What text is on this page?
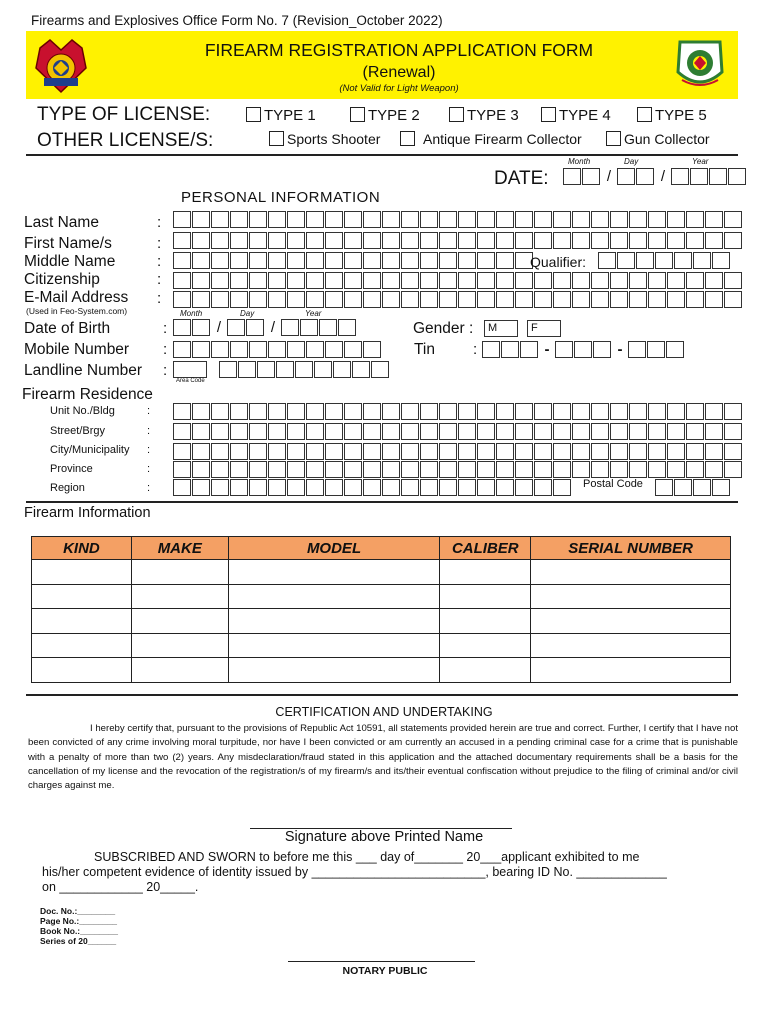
Firearms and Explosives Office Form No. 7 (Revision_October 2022)
FIREARM REGISTRATION APPLICATION FORM
(Renewal)
(Not Valid for Light Weapon)
TYPE OF LICENSE:	TYPE 1	TYPE 2	TYPE 3	TYPE 4	TYPE 5
OTHER LICENSE/S:	Sports Shooter	Antique Firearm Collector	Gun Collector
Month	Day	Year
DATE:	/	/
PERSONAL INFORMATION
Last Name	:
First Name/s	:
Middle Name	:	Qualifier:
Citizenship	:
E-Mail Address
(Used in Feo-System.com)
:
Month	Day	Year
Date of Birth	:	/	/	Gender :	M	F
Mobile Number :	Tin	:	-	-
Landline Number :
Area Code
Firearm Residence
Unit No./Bldg	:
Street/Brgy	:
City/Municipality :
Province	:
Region	:	Postal Code
Firearm Information
KIND	MAKE	MODEL	CALIBER	SERIAL NUMBER

CERTIFICATION AND UNDERTAKING
I hereby certify that, pursuant to the provisions of Republic Act 10591, all statements provided herein are true and correct. Further, I certify that I have not been convicted of any crime involving moral turpitude, nor have I been convicted or am currently an accused in a pending criminal case for a crime that is punishable with a penalty of more than two (2) years. Any misdeclaration/fraud stated in this application and the attached documentary requirements shall be a basis for the cancellation of my license and the revocation of the registration/s of my firearm/s and its/their eventual confiscation without prejudice to the filing of criminal and/or civil charges against me.
Signature above Printed Name
SUBSCRIBED AND SWORN to before me this ___ day of_______ 20___applicant exhibited to me
his/her competent evidence of identity issued by _________________________, bearing ID No. _____________
on ____________ 20_____.
Doc. No.:________
Page No.:________
Book No.:________
Series of 20______
NOTARY PUBLIC
